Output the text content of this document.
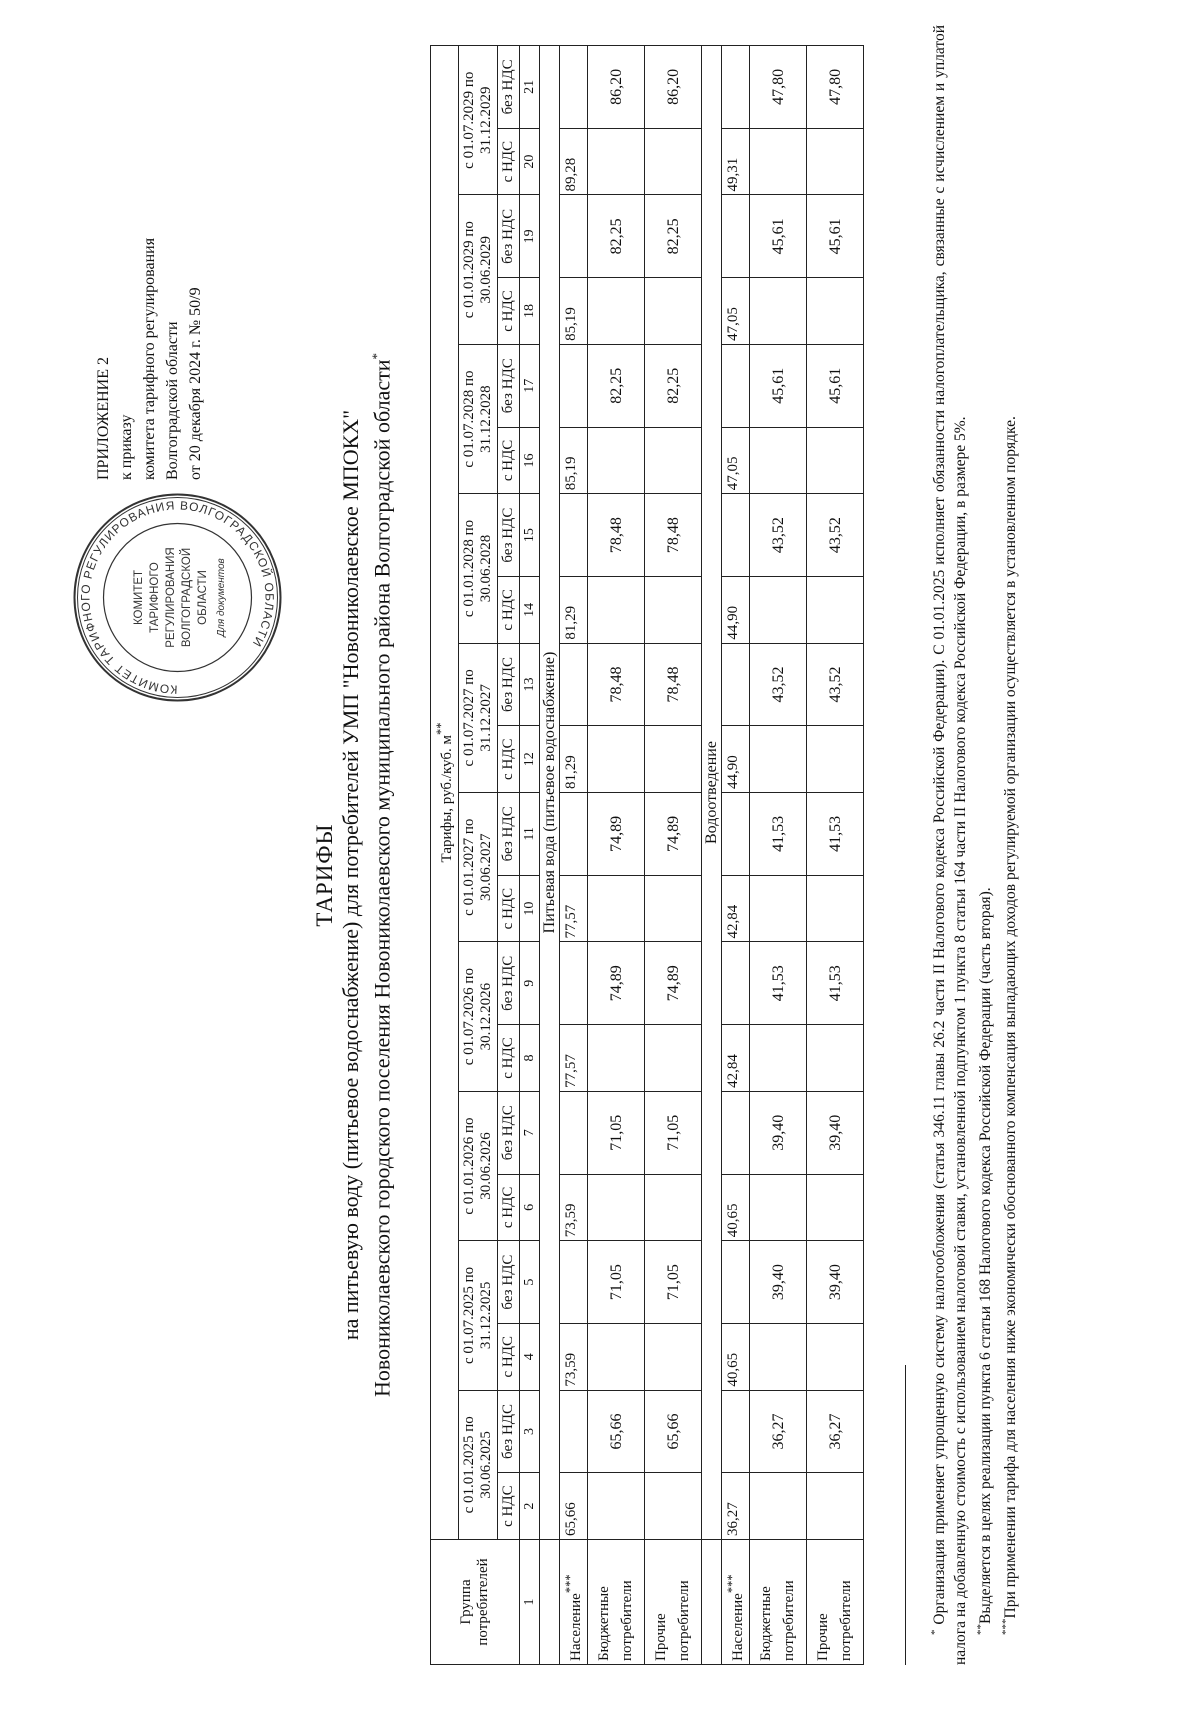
ПРИЛОЖЕНИЕ 2 к приказу комитета тарифного регулирования Волгоградской области от 20 декабря 2024 г. № 50/9
КОМИТЕТ ТАРИФНОГО РЕГУЛИРОВАНИЯ ВОЛГОГРАДСКОЙ ОБЛАСТИ
КОМИТЕТ ТАРИФНОГО РЕГУЛИРОВАНИЯ ВОЛГОГРАДСКОЙ ОБЛАСТИ Для документов
ТАРИФЫ на питьевую воду (питьевое водоснабжение) для потребителей УМП "Новониколаевское МПОКХ" Новониколаевского городского поселения Новониколаевского муниципального района Волгоградской области*
Группа потребителей	Тарифы, руб./куб. м**
	с 01.01.2025 по 30.06.2025		с 01.07.2025 по 31.12.2025		с 01.01.2026 по 30.06.2026		с 01.07.2026 по 30.12.2026		с 01.01.2027 по 30.06.2027		с 01.07.2027 по 31.12.2027		с 01.01.2028 по 30.06.2028		с 01.07.2028 по 31.12.2028		с 01.01.2029 по 30.06.2029		с 01.07.2029 по 31.12.2029	
	с НДС	без НДС	с НДС	без НДС	с НДС	без НДС	с НДС	без НДС	с НДС	без НДС	с НДС	без НДС	с НДС	без НДС	с НДС	без НДС	с НДС	без НДС	с НДС	без НДС
1	2	3	4	5	6	7	8	9	10	11	12	13	14	15	16	17	18	19	20	21
	Питьевая вода (питьевое водоснабжение)																			
Население***	65,66		73,59		73,59		77,57		77,57		81,29		81,29		85,19		85,19		89,28	
Бюджетные потребители		65,66		71,05		71,05		74,89		74,89		78,48		78,48		82,25		82,25		86,20
Прочие потребители		65,66		71,05		71,05		74,89		74,89		78,48		78,48		82,25		82,25		86,20
	Водоотведение																			
Население***	36,27		40,65		40,65		42,84		42,84		44,90		44,90		47,05		47,05		49,31	
Бюджетные потребители		36,27		39,40		39,40		41,53		41,53		43,52		43,52		45,61		45,61		47,80
Прочие потребители		36,27		39,40		39,40		41,53		41,53		43,52		43,52		45,61		45,61		47,80

* Организация применяет упрощенную систему налогообложения (статья 346.11 главы 26.2 части II Налогового кодекса Российской Федерации). С 01.01.2025 исполняет обязанности налогоплательщика, связанные с исчислением и уплатой налога на добавленную стоимость с использованием налоговой ставки, установленной подпунктом 1 пункта 8 статьи 164 части II Налогового кодекса Российской Федерации, в размере 5%. **Выделяется в целях реализации пункта 6 статьи 168 Налогового кодекса Российской Федерации (часть вторая).

***При применении тарифа для населения ниже экономически обоснованного компенсация выпадающих доходов регулируемой организации осуществляется в установленном порядке.
